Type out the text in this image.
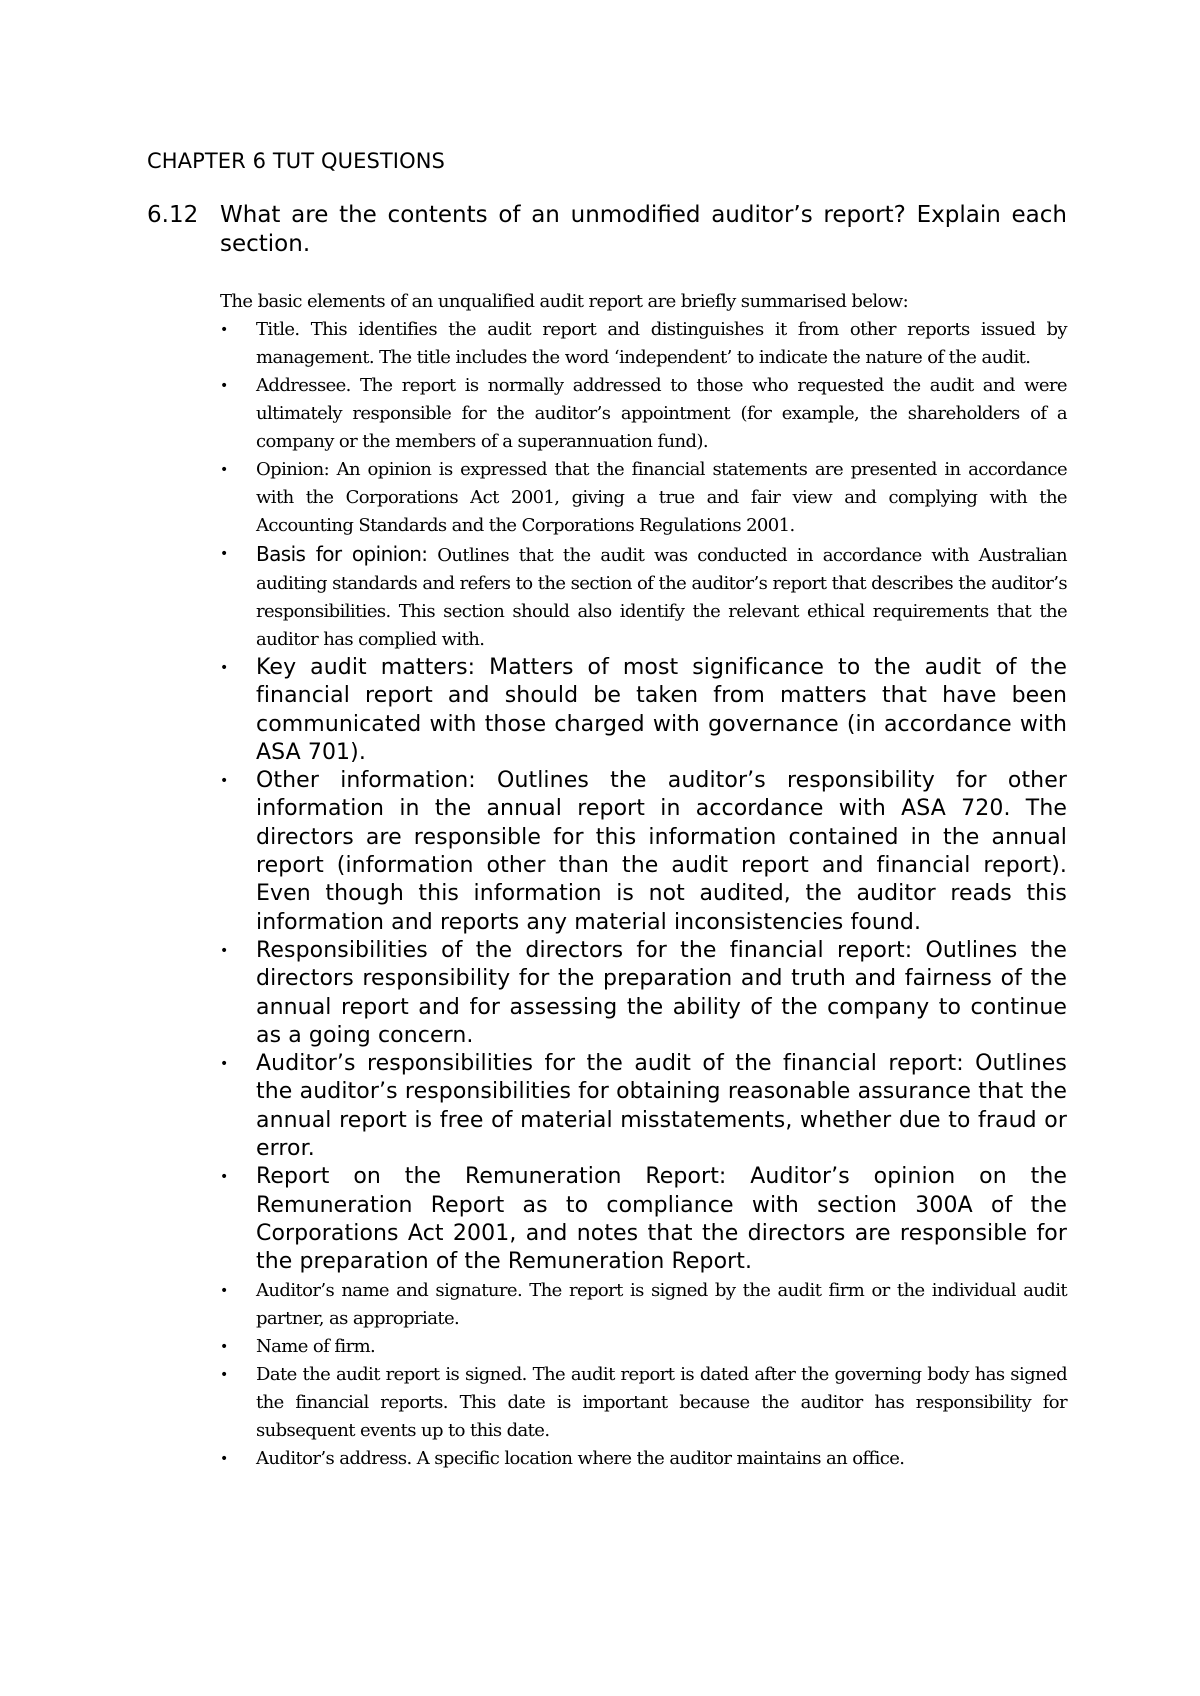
CHAPTER 6 TUT QUESTIONS
6.12 What are the contents of an unmodified auditor’s report? Explain each section.
The basic elements of an unqualified audit report are briefly summarised below:
• Title. This identifies the audit report and distinguishes it from other reports issued by management. The title includes the word ‘independent’ to indicate the nature of the audit.
• Addressee. The report is normally addressed to those who requested the audit and were ultimately responsible for the auditor’s appointment (for example, the shareholders of a company or the members of a superannuation fund).
• Opinion: An opinion is expressed that the financial statements are presented in accordance with the Corporations Act 2001, giving a true and fair view and complying with the Accounting Standards and the Corporations Regulations 2001.
• Basis for opinion: Outlines that the audit was conducted in accordance with Australian auditing standards and refers to the section of the auditor’s report that describes the auditor’s responsibilities. This section should also identify the relevant ethical requirements that the auditor has complied with.
• Key audit matters: Matters of most significance to the audit of the financial report and should be taken from matters that have been communicated with those charged with governance (in accordance with ASA 701).
• Other information: Outlines the auditor’s responsibility for other information in the annual report in accordance with ASA 720. The directors are responsible for this information contained in the annual report (information other than the audit report and financial report). Even though this information is not audited, the auditor reads this information and reports any material inconsistencies found.
• Responsibilities of the directors for the financial report: Outlines the directors responsibility for the preparation and truth and fairness of the annual report and for assessing the ability of the company to continue as a going concern.
• Auditor’s responsibilities for the audit of the financial report: Outlines the auditor’s responsibilities for obtaining reasonable assurance that the annual report is free of material misstatements, whether due to fraud or error.
• Report on the Remuneration Report: Auditor’s opinion on the Remuneration Report as to compliance with section 300A of the Corporations Act 2001, and notes that the directors are responsible for the preparation of the Remuneration Report.
• Auditor’s name and signature. The report is signed by the audit firm or the individual audit partner, as appropriate.
• Name of firm.
• Date the audit report is signed. The audit report is dated after the governing body has signed the financial reports. This date is important because the auditor has responsibility for subsequent events up to this date.
• Auditor’s address. A specific location where the auditor maintains an office.
